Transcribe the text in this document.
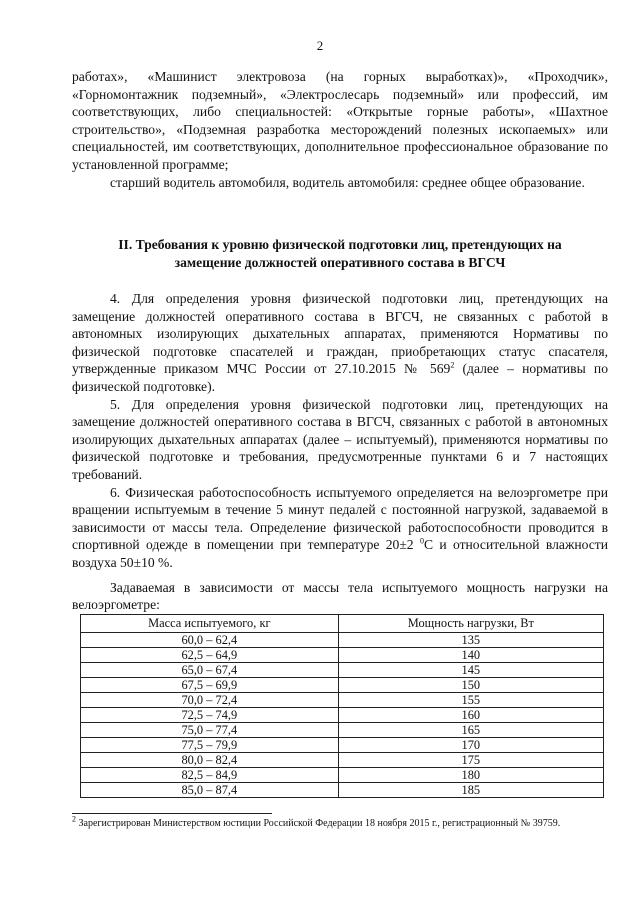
2

работах», «Машинист электровоза (на горных выработках)», «Проходчик», «Горномонтажник подземный», «Электрослесарь подземный» или профессий, им соответствующих, либо специальностей: «Открытые горные работы», «Шахтное строительство», «Подземная разработка месторождений полезных ископаемых» или специальностей, им соответствующих, дополнительное профессиональное образование по установленной программе;

старший водитель автомобиля, водитель автомобиля: среднее общее образование.

II. Требования к уровню физической подготовки лиц, претендующих на
замещение должностей оперативного состава в ВГСЧ

4. Для определения уровня физической подготовки лиц, претендующих на замещение должностей оперативного состава в ВГСЧ, не связанных с работой в автономных изолирующих дыхательных аппаратах, применяются Нормативы по физической подготовке спасателей и граждан, приобретающих статус спасателя, утвержденные приказом МЧС России от 27.10.2015 № $569^2$ (далее – нормативы по физической подготовке).

5. Для определения уровня физической подготовки лиц, претендующих на замещение должностей оперативного состава в ВГСЧ, связанных с работой в автономных изолирующих дыхательных аппаратах (далее – испытуемый), применяются нормативы по физической подготовке и требования, предусмотренные пунктами 6 и 7 настоящих требований.

6. Физическая работоспособность испытуемого определяется на велоэргометре при вращении испытуемым в течение 5 минут педалей с постоянной нагрузкой, задаваемой в зависимости от массы тела. Определение физической работоспособности проводится в спортивной одежде в помещении при температуре 20±2 $^0$С и относительной влажности воздуха 50±10 %.

Задаваемая в зависимости от массы тела испытуемого мощность нагрузки на велоэргометре:

Масса испытуемого, кг	Мощность нагрузки, Вт
60,0 – 62,4	135
62,5 – 64,9	140
65,0 – 67,4	145
67,5 – 69,9	150
70,0 – 72,4	155
72,5 – 74,9	160
75,0 – 77,4	165
77,5 – 79,9	170
80,0 – 82,4	175
82,5 – 84,9	180
85,0 – 87,4	185
$^2$ Зарегистрирован Министерством юстиции Российской Федерации 18 ноября 2015 г., регистрационный № 39759.
